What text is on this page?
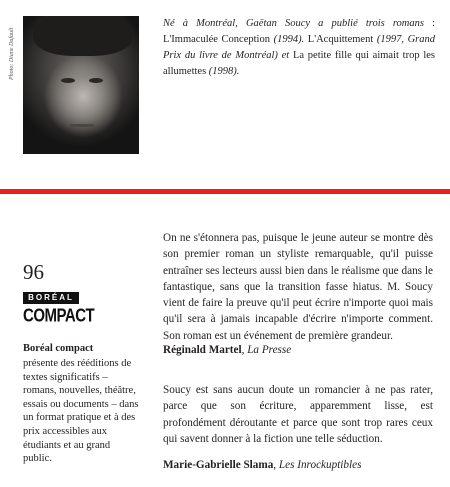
Photo: Diane Dufault

Né à Montréal, Gaëtan Soucy a publié trois romans : L'Immaculée Conception (1994). L'Acquittement (1997, Grand Prix du livre de Montréal) et La petite fille qui aimait trop les allumettes (1998).

96
BORÉAL
COMPACT

Boréal compact

présente des rééditions de textes significatifs – romans, nouvelles, théâtre, essais ou documents – dans un format pratique et à des prix accessibles aux étudiants et au grand public.

On ne s'étonnera pas, puisque le jeune auteur se montre dès son premier roman un styliste remarquable, qu'il puisse entraîner ses lecteurs aussi bien dans le réalisme que dans le fantastique, sans que la transition fasse hiatus. M. Soucy vient de faire la preuve qu'il peut écrire n'importe quoi mais qu'il sera à jamais incapable d'écrire n'importe comment. Son roman est un événement de première grandeur.

Réginald Martel, La Presse

Soucy est sans aucun doute un romancier à ne pas rater, parce que son écriture, apparemment lisse, est profondément déroutante et parce que sont trop rares ceux qui savent donner à la fiction une telle séduction.

Marie-Gabrielle Slama, Les Inrockuptibles
